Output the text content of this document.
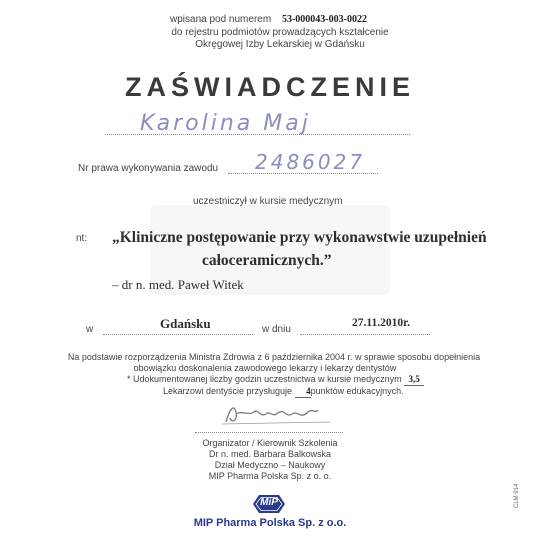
wpisana pod numerem 53-000043-003-0022
do rejestru podmiotów prowadzących kształcenie
Okręgowej Izby Lekarskiej w Gdańsku
ZAŚWIADCZENIE
Karolina Maj
Nr prawa wykonywania zawodu 2486027
uczestniczył w kursie medycznym
nt: „Kliniczne postępowanie przy wykonawstwie uzupełnień
całoceramicznych.”
– dr n. med. Paweł Witek
w	Gdańsku	w dniu
27.11.2010r.
Na podstawie rozporządzenia Ministra Zdrowia z 6 października 2004 r. w sprawie sposobu dopełnienia
obowiązku doskonalenia zawodowego lekarzy i lekarzy dentystów
* Udokumentowanej liczby godzin uczestnictwa w kursie medycznym 3,5
Lekarzowi dentyście przysługuje 4punktów edukacyjnych.
Organizator / Kierownik Szkolenia
Dr n. med. Barbara Balkowska
Dział Medyczno – Naukowy
MIP Pharma Polska Sp. z o. o.
MiP
MIP Pharma Polska Sp. z o.o.
CLM 914
